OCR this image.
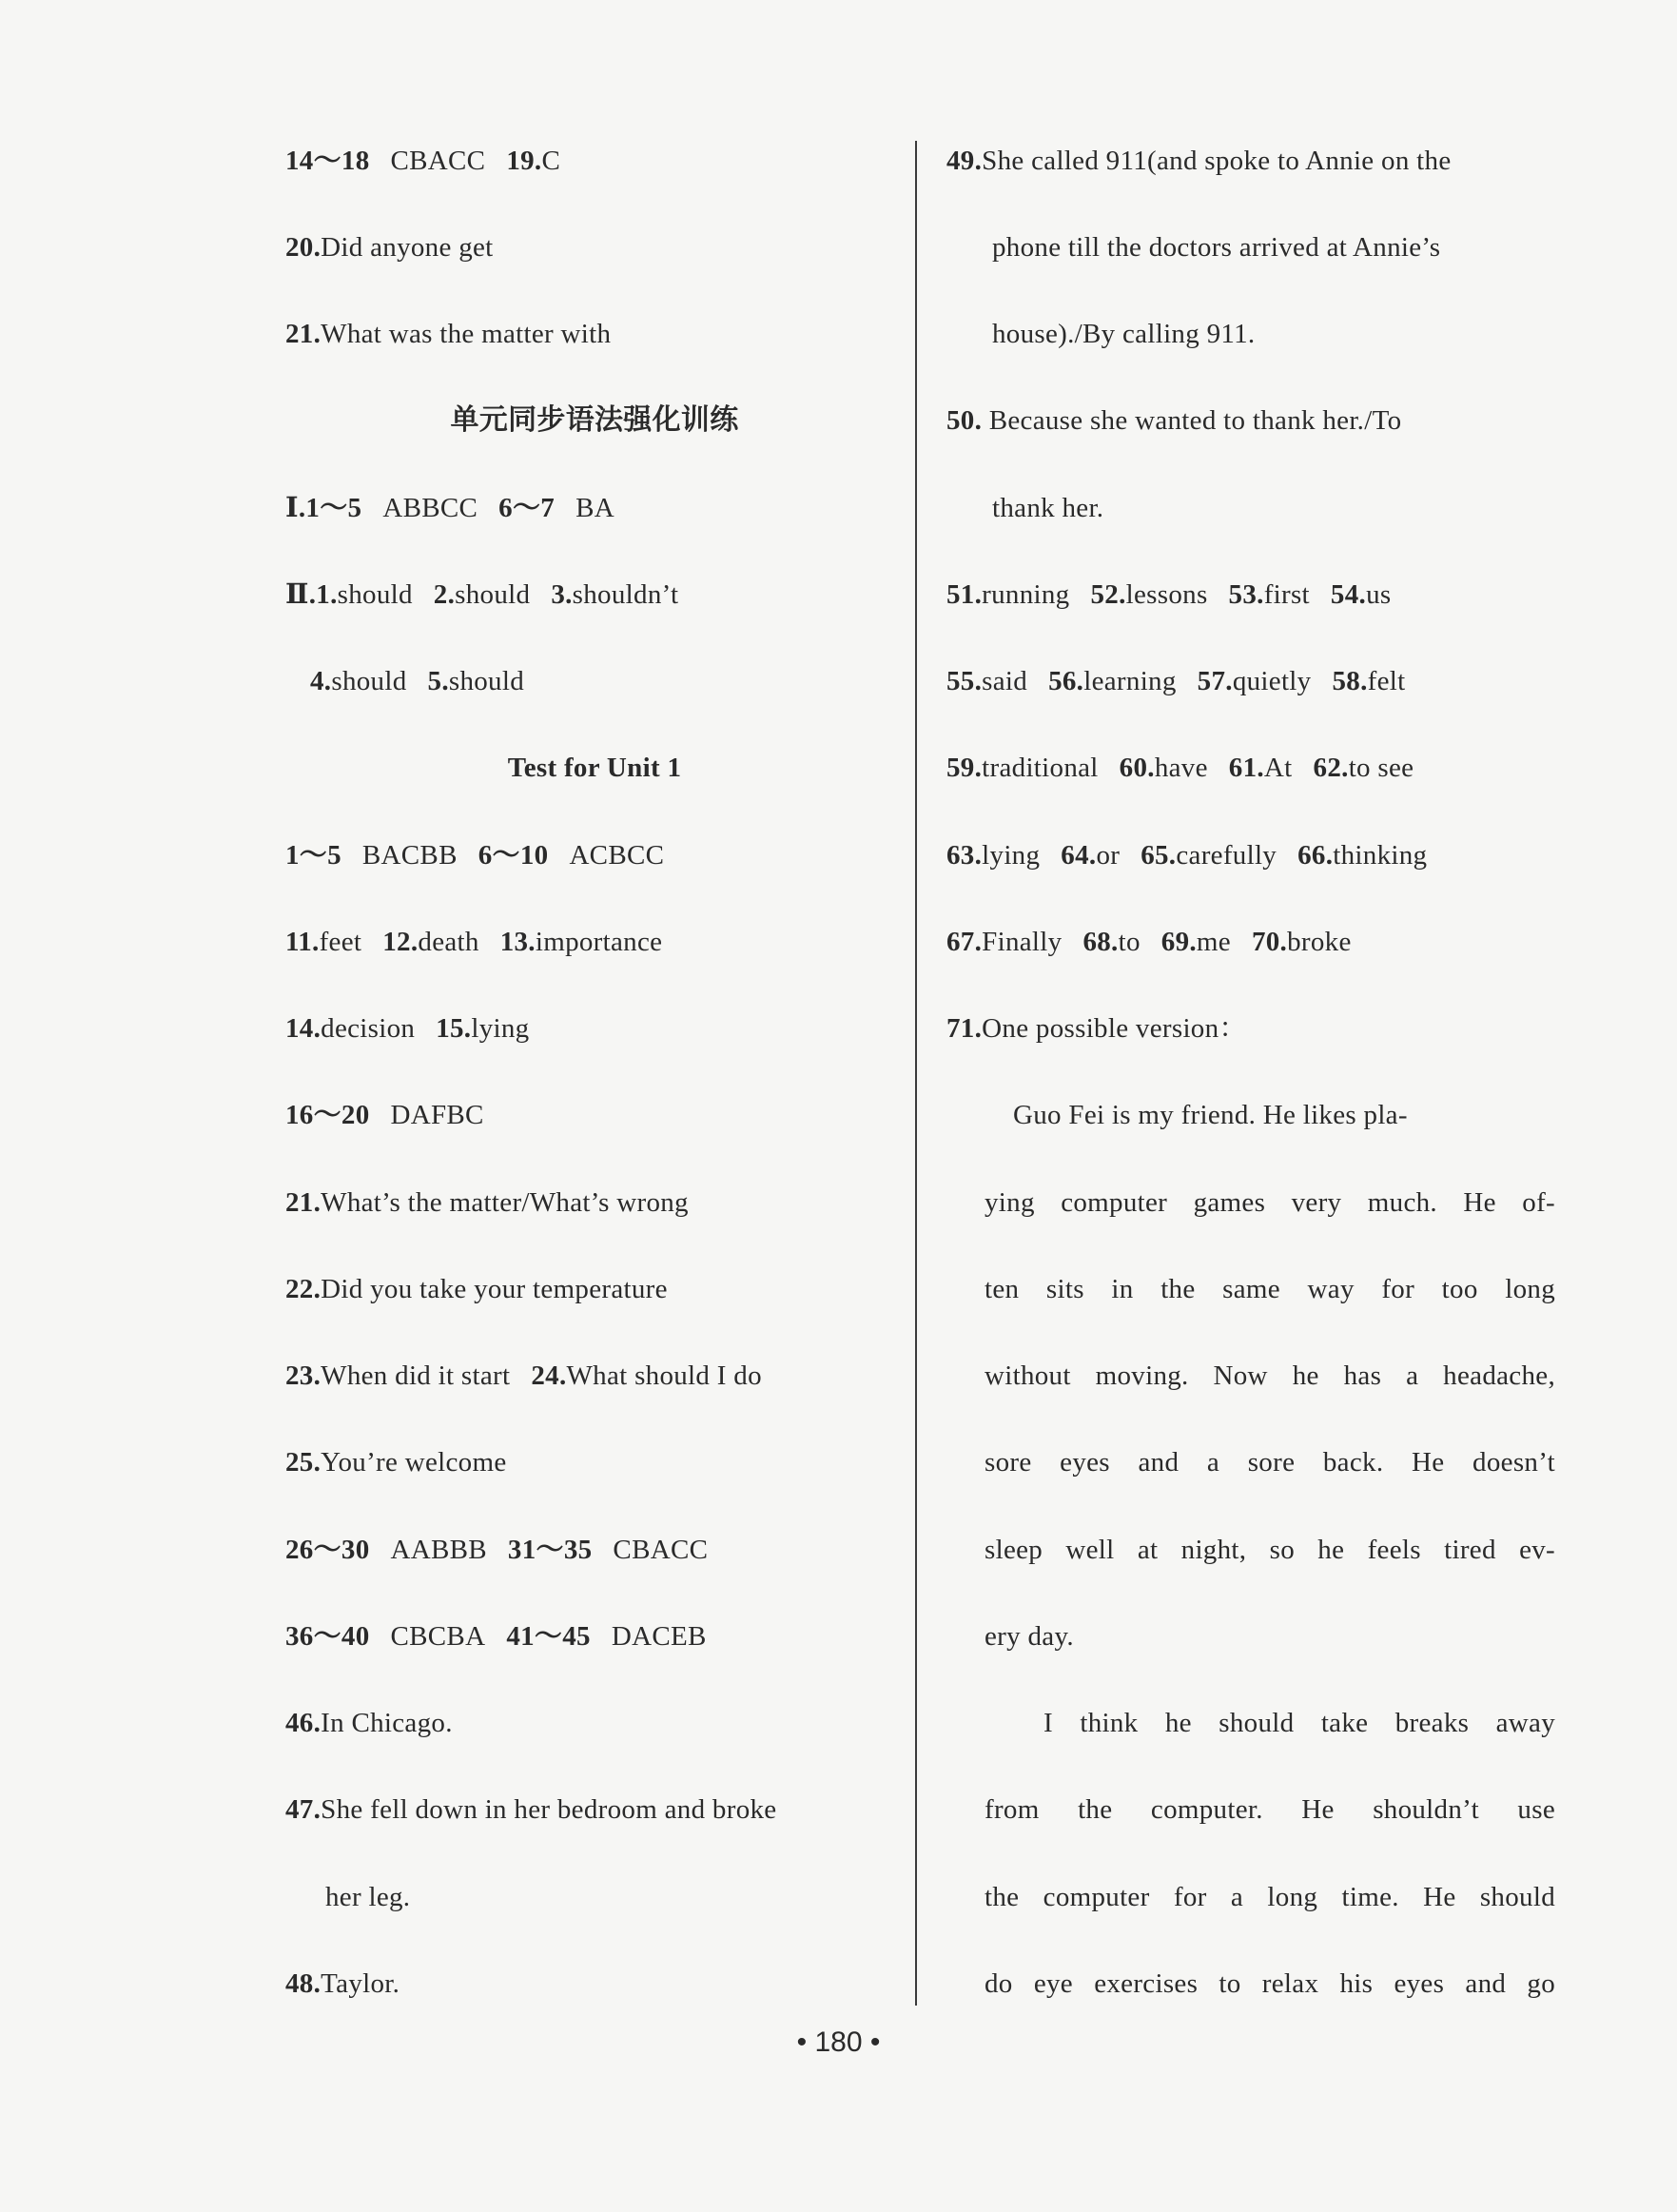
14～18 CBACC 19.C
20.Did anyone get
21.What was the matter with
单元同步语法强化训练
Ⅰ.1～5 ABBCC 6～7 BA
Ⅱ.1.should 2.should 3.shouldn’t
4.should 5.should
Test for Unit 1
1～5 BACBB 6～10 ACBCC
11.feet 12.death 13.importance
14.decision 15.lying
16～20 DAFBC
21.What’s the matter/What’s wrong
22.Did you take your temperature
23.When did it start 24.What should I do
25.You’re welcome
26～30 AABBB 31～35 CBACC
36～40 CBCBA 41～45 DACEB
46.In Chicago.
47.She fell down in her bedroom and broke
her leg.
48.Taylor.
49.She called 911(and spoke to Annie on the
phone till the doctors arrived at Annie’s
house)./By calling 911.
50. Because she wanted to thank her./To
thank her.
51.running 52.lessons 53.first 54.us
55.said 56.learning 57.quietly 58.felt
59.traditional 60.have 61.At 62.to see
63.lying 64.or 65.carefully 66.thinking
67.Finally 68.to 69.me 70.broke
71.One possible version：
Guo Fei is my friend. He likes pla-
ying computer games very much. He of-
ten sits in the same way for too long
without moving. Now he has a headache,
sore eyes and a sore back. He doesn’t
sleep well at night, so he feels tired ev-
ery day.
I think he should take breaks away
from the computer. He shouldn’t use
the computer for a long time. He should
do eye exercises to relax his eyes and go
• 180 •
